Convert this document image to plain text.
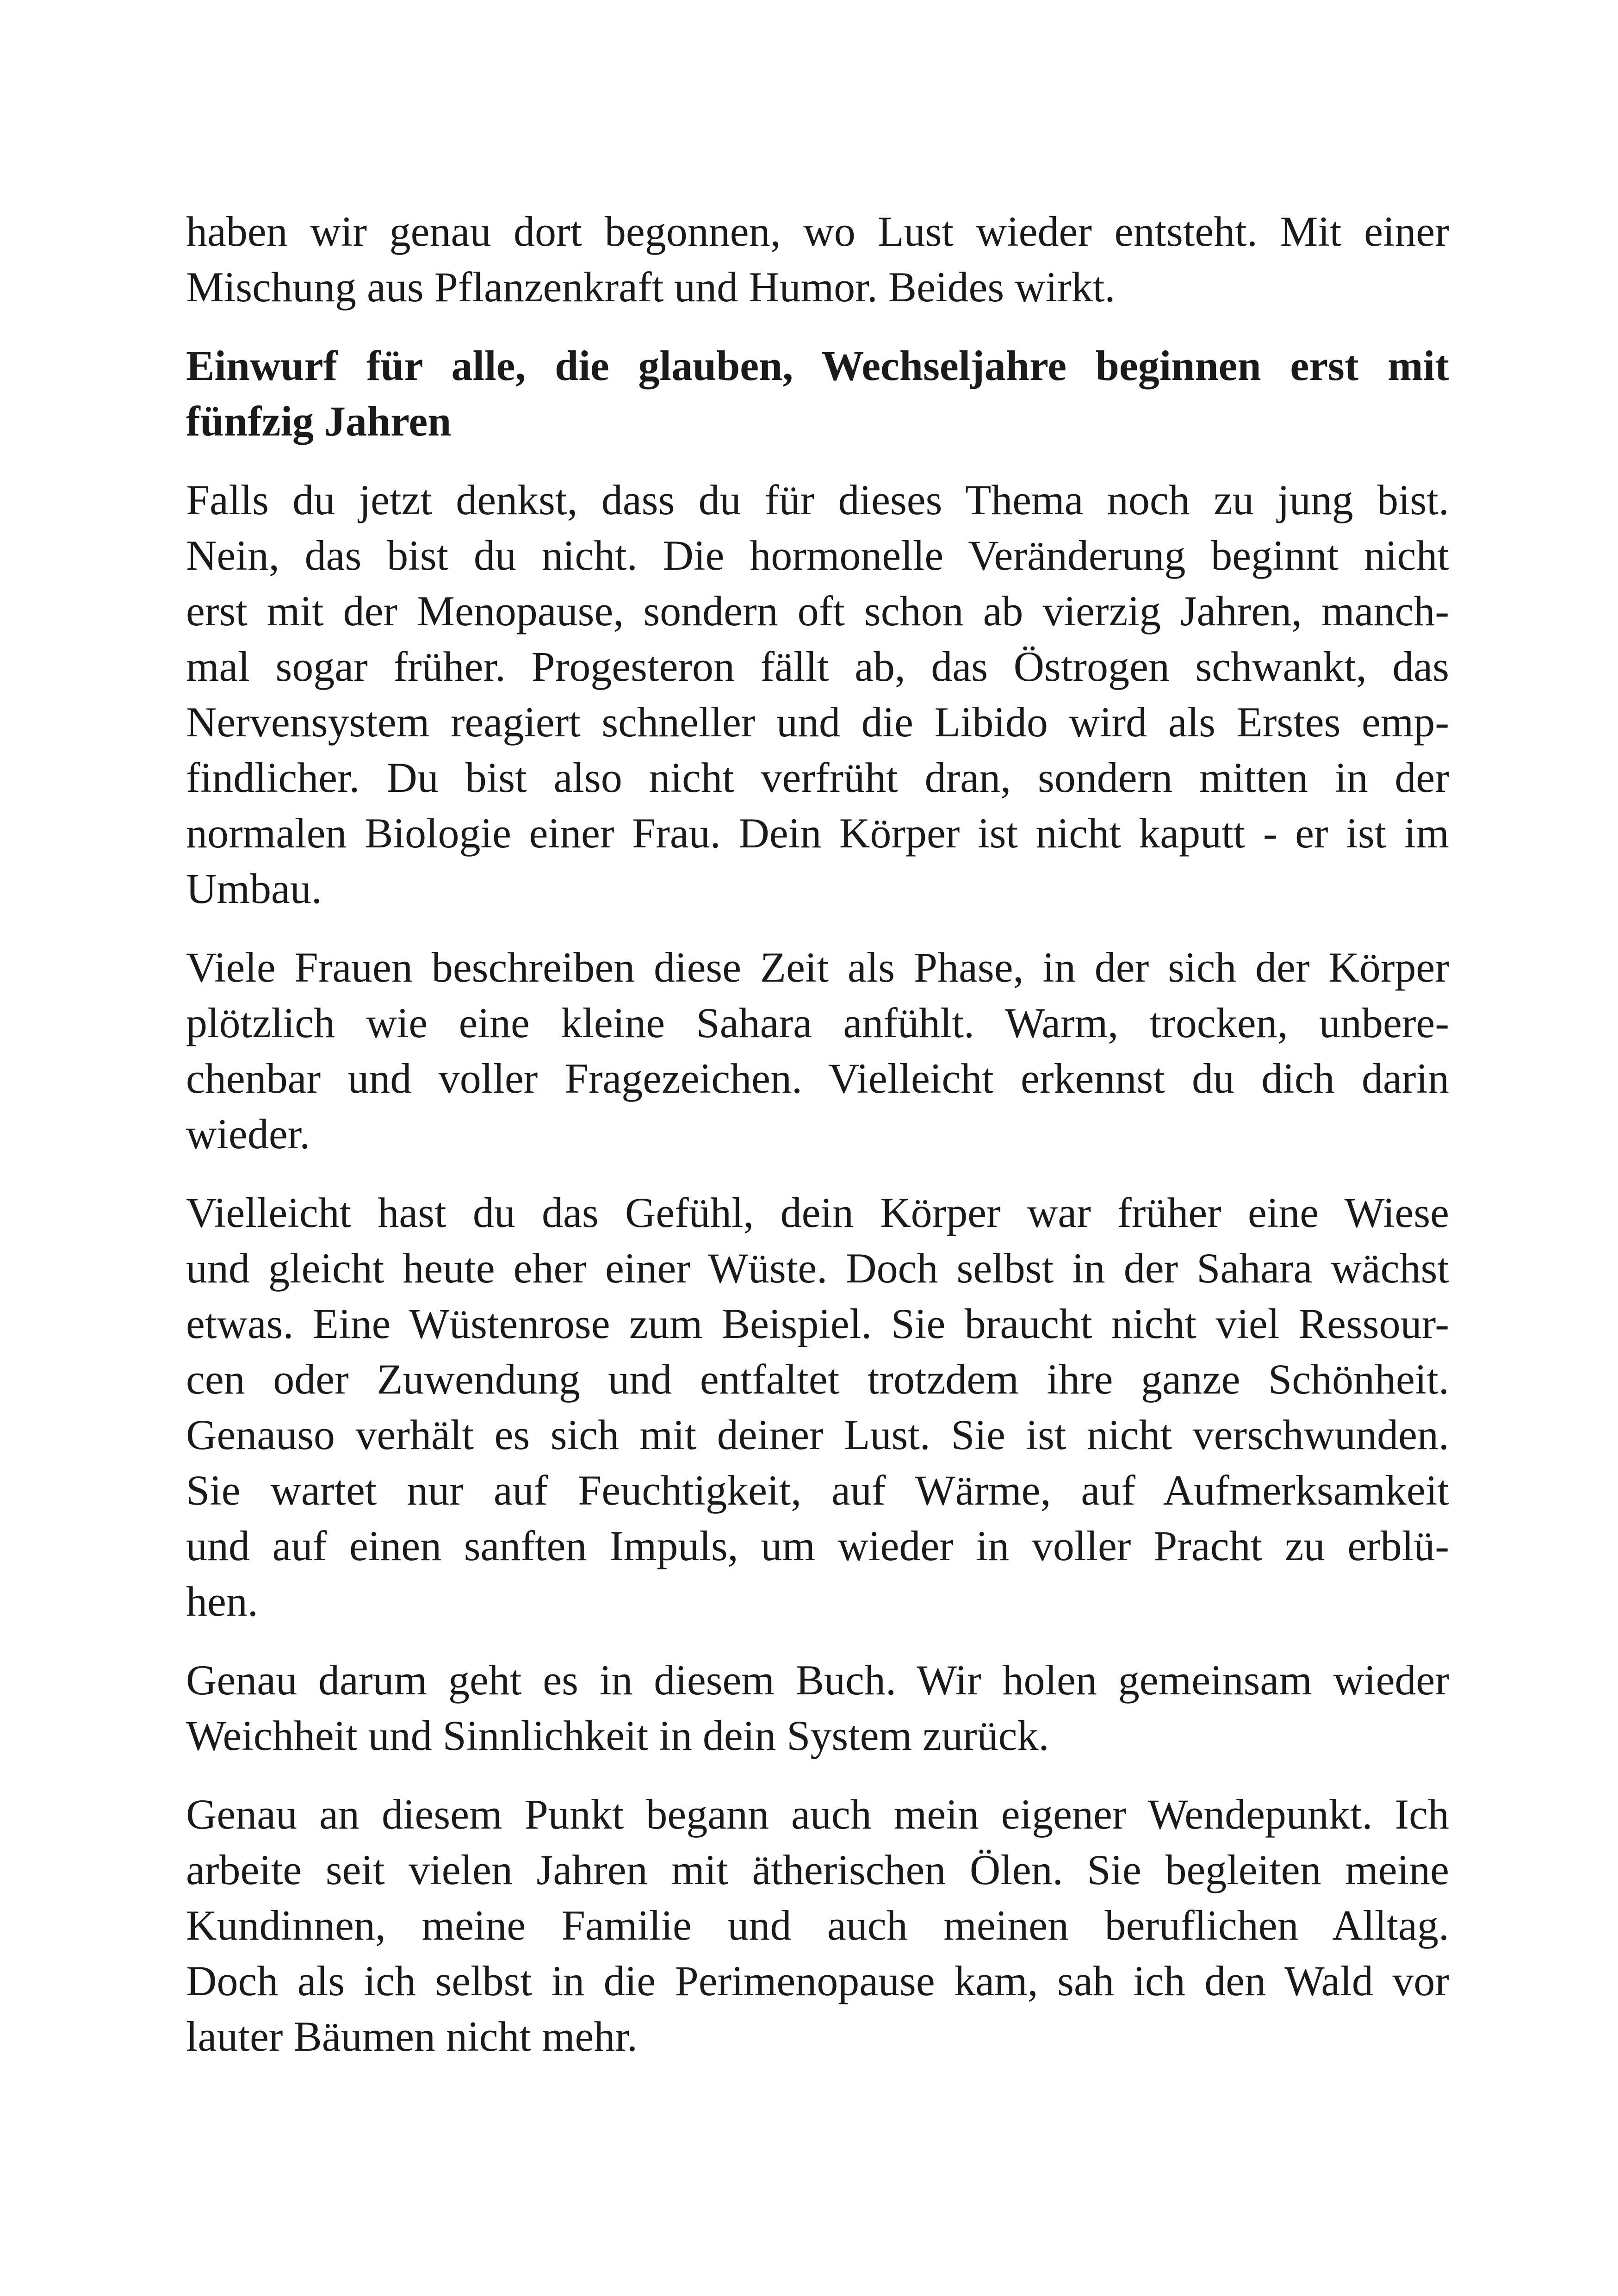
haben wir genau dort begonnen, wo Lust wieder entsteht. Mit einer
Mischung aus Pflanzenkraft und Humor. Beides wirkt.
Einwurf für alle, die glauben, Wechseljahre beginnen erst mit
fünfzig Jahren
Falls du jetzt denkst, dass du für dieses Thema noch zu jung bist.
Nein, das bist du nicht. Die hormonelle Veränderung beginnt nicht
erst mit der Menopause, sondern oft schon ab vierzig Jahren, manch-
mal sogar früher. Progesteron fällt ab, das Östrogen schwankt, das
Nervensystem reagiert schneller und die Libido wird als Erstes emp-
findlicher. Du bist also nicht verfrüht dran, sondern mitten in der
normalen Biologie einer Frau. Dein Körper ist nicht kaputt - er ist im
Umbau.
Viele Frauen beschreiben diese Zeit als Phase, in der sich der Körper
plötzlich wie eine kleine Sahara anfühlt. Warm, trocken, unbere-
chenbar und voller Fragezeichen. Vielleicht erkennst du dich darin
wieder.
Vielleicht hast du das Gefühl, dein Körper war früher eine Wiese
und gleicht heute eher einer Wüste. Doch selbst in der Sahara wächst
etwas. Eine Wüstenrose zum Beispiel. Sie braucht nicht viel Ressour-
cen oder Zuwendung und entfaltet trotzdem ihre ganze Schönheit.
Genauso verhält es sich mit deiner Lust. Sie ist nicht verschwunden.
Sie wartet nur auf Feuchtigkeit, auf Wärme, auf Aufmerksamkeit
und auf einen sanften Impuls, um wieder in voller Pracht zu erblü-
hen.
Genau darum geht es in diesem Buch. Wir holen gemeinsam wieder
Weichheit und Sinnlichkeit in dein System zurück.
Genau an diesem Punkt begann auch mein eigener Wendepunkt. Ich
arbeite seit vielen Jahren mit ätherischen Ölen. Sie begleiten meine
Kundinnen, meine Familie und auch meinen beruflichen Alltag.
Doch als ich selbst in die Perimenopause kam, sah ich den Wald vor
lauter Bäumen nicht mehr.
